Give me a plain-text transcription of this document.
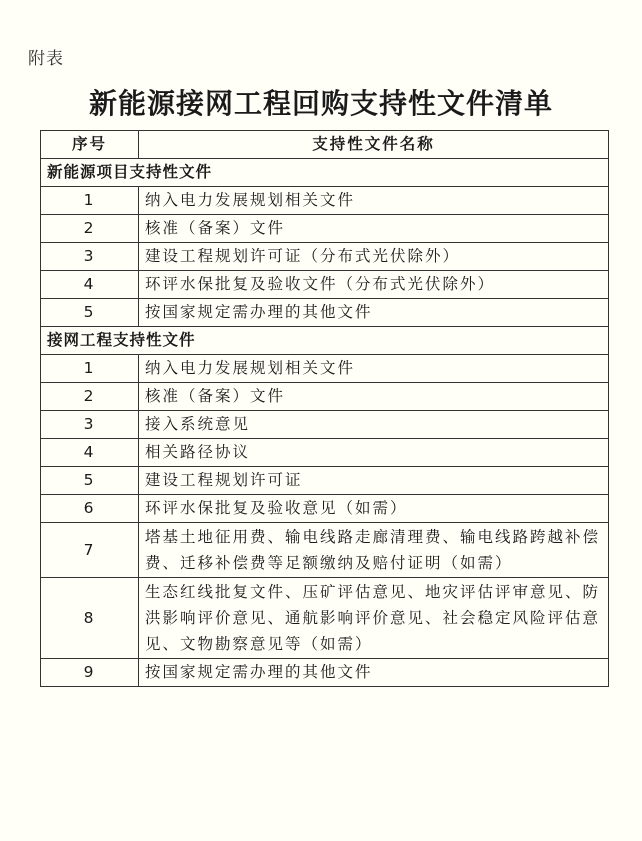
附表
新能源接网工程回购支持性文件清单
序号	支持性文件名称
新能源项目支持性文件	
1	纳入电力发展规划相关文件
2	核准（备案）文件
3	建设工程规划许可证（分布式光伏除外）
4	环评水保批复及验收文件（分布式光伏除外）
5	按国家规定需办理的其他文件
接网工程支持性文件	
1	纳入电力发展规划相关文件
2	核准（备案）文件
3	接入系统意见
4	相关路径协议
5	建设工程规划许可证
6	环评水保批复及验收意见（如需）
7	塔基土地征用费、输电线路走廊清理费、输电线路跨越补偿费、迁移补偿费等足额缴纳及赔付证明（如需）
8	生态红线批复文件、压矿评估意见、地灾评估评审意见、防洪影响评价意见、通航影响评价意见、社会稳定风险评估意见、文物勘察意见等（如需）
9	按国家规定需办理的其他文件
